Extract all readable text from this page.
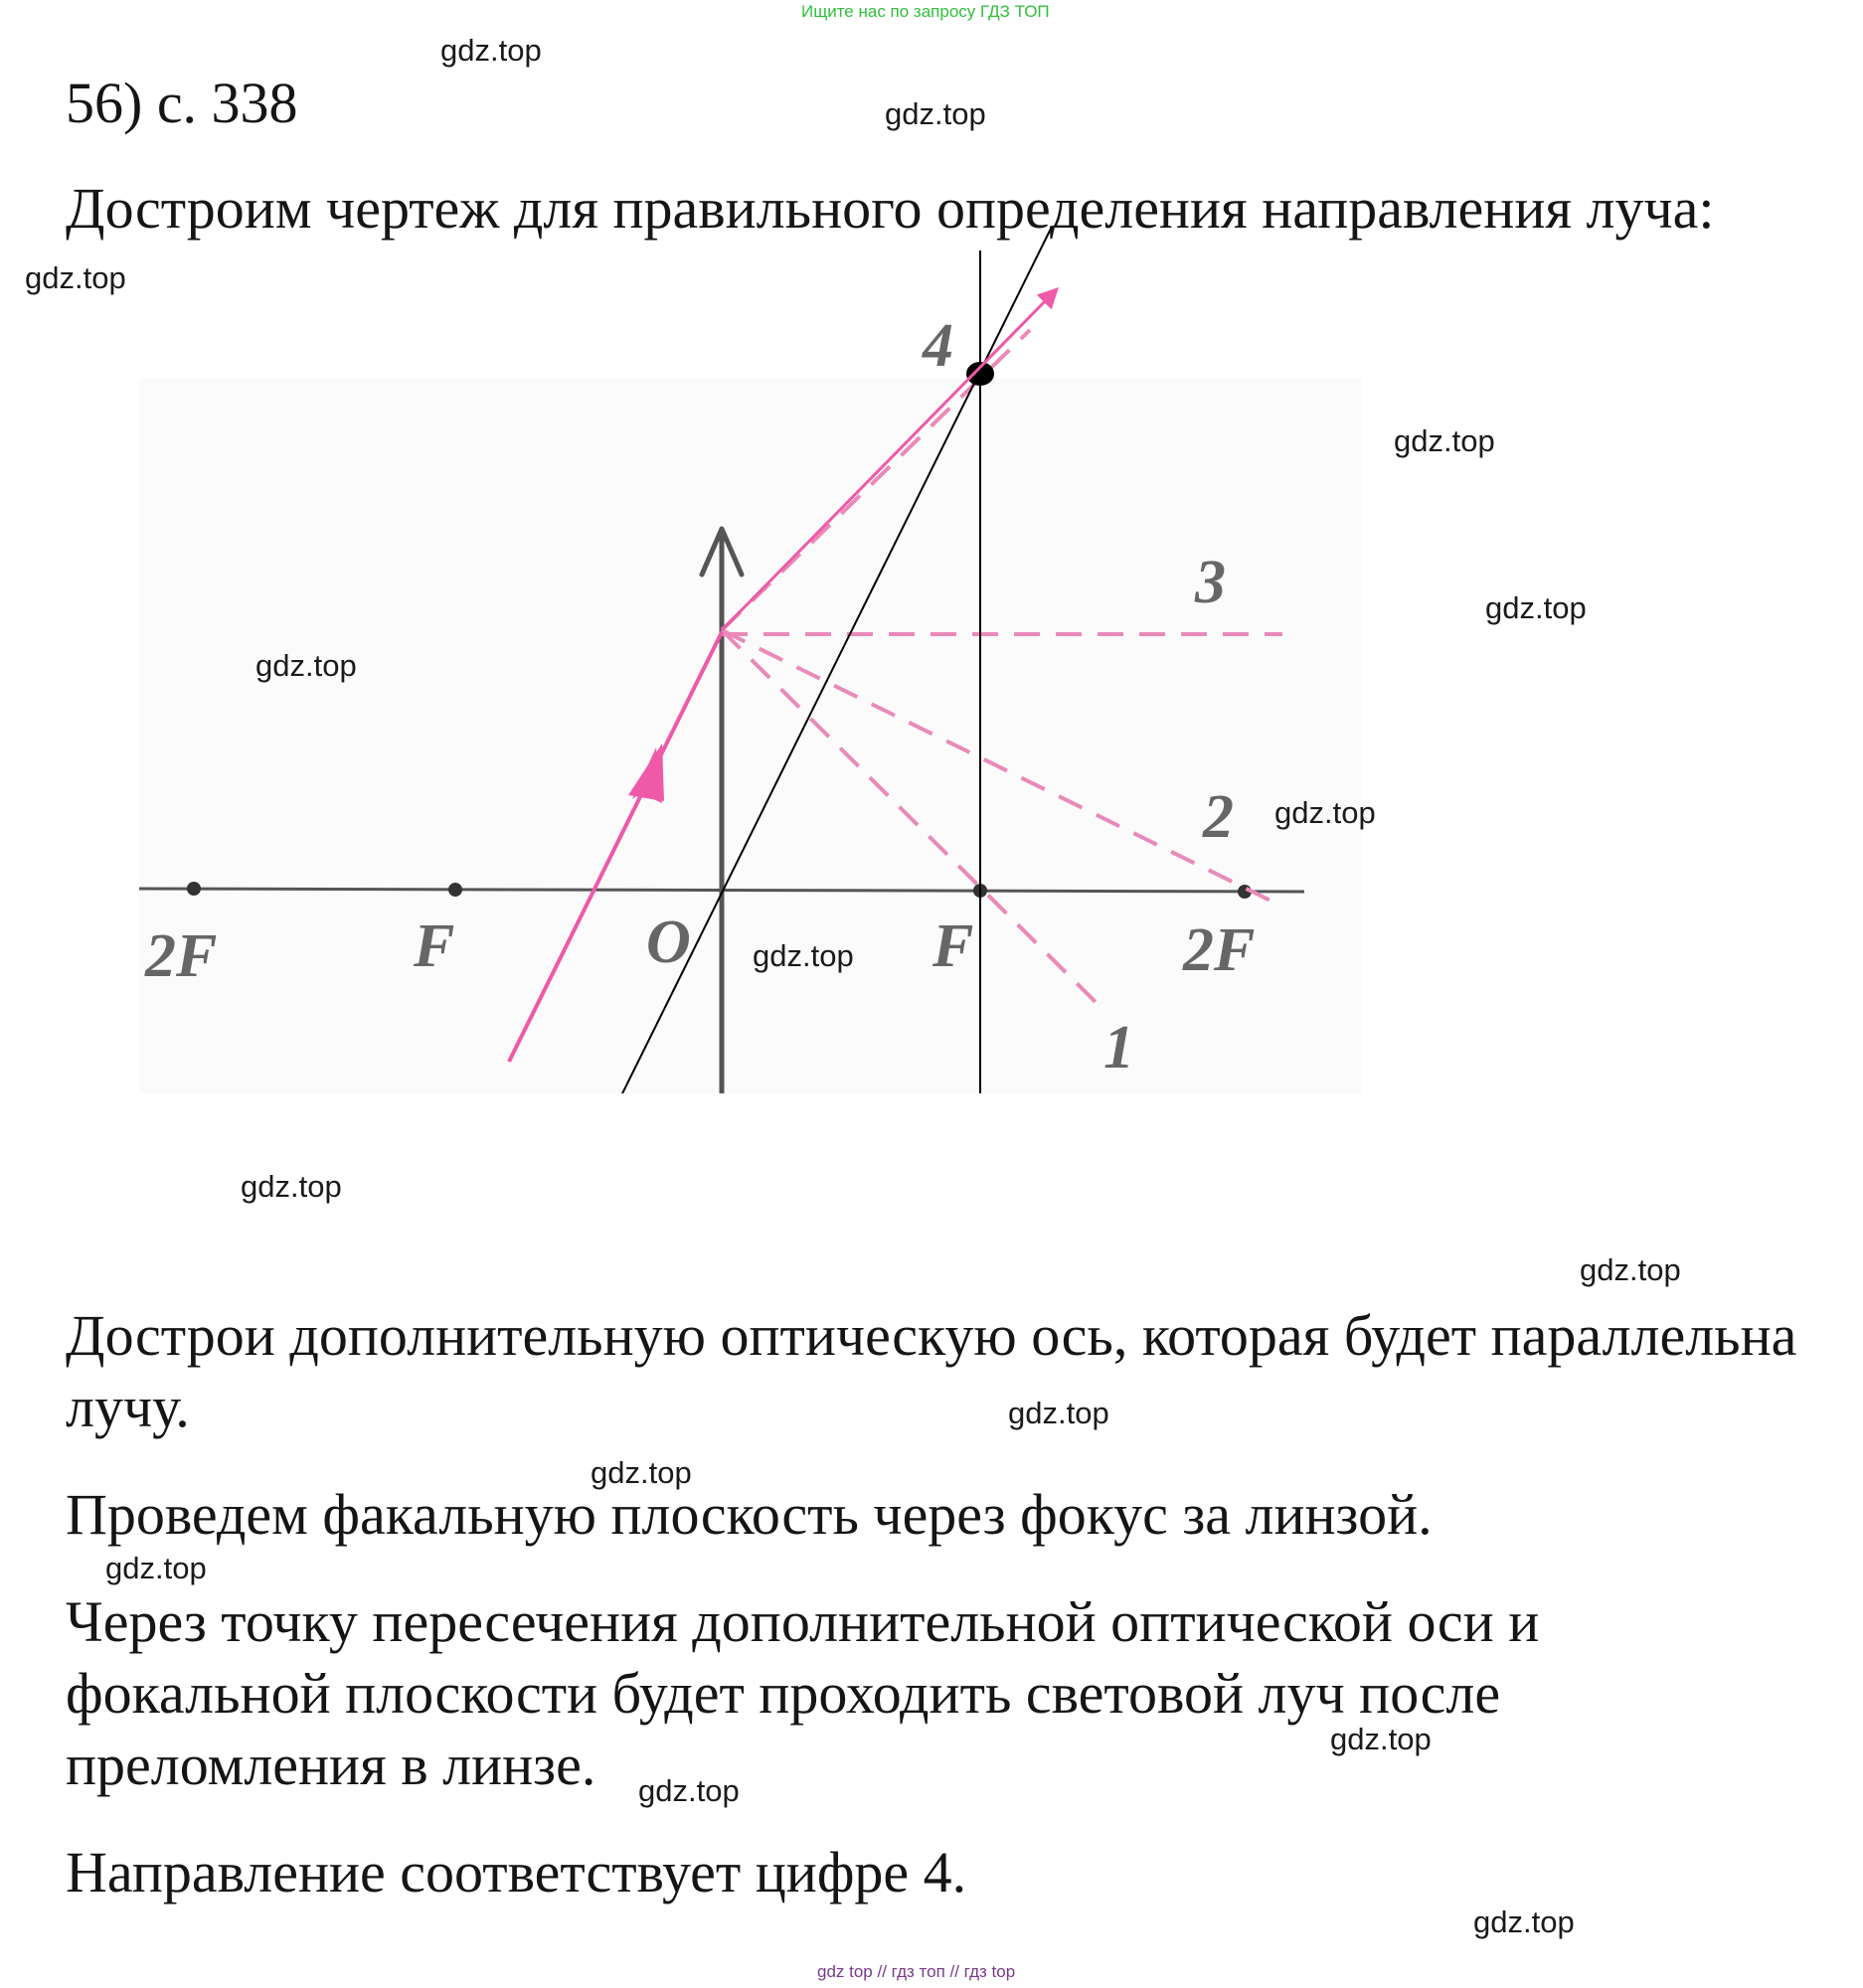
Ищите нас по запросу ГДЗ ТОП
56) с. 338
Достроим чертеж для правильного определения направления луча:
2F	F	O	F	2F
1
2
3
4
Дострои дополнительную оптическую ось, которая будет параллельна
лучу.
Проведем факальную плоскость через фокус за линзой.
Через точку пересечения дополнительной оптической оси и
фокальной плоскости будет проходить световой луч после
преломления в линзе.
Направление соответствует цифре 4.
gdz.top
gdz.top
gdz.top
gdz.top
gdz.top
gdz.top
gdz.top
gdz.top
gdz.top
gdz.top
gdz.top
gdz.top
gdz.top
gdz.top
gdz.top
gdz.top
gdz top // гдз топ // гдз top
